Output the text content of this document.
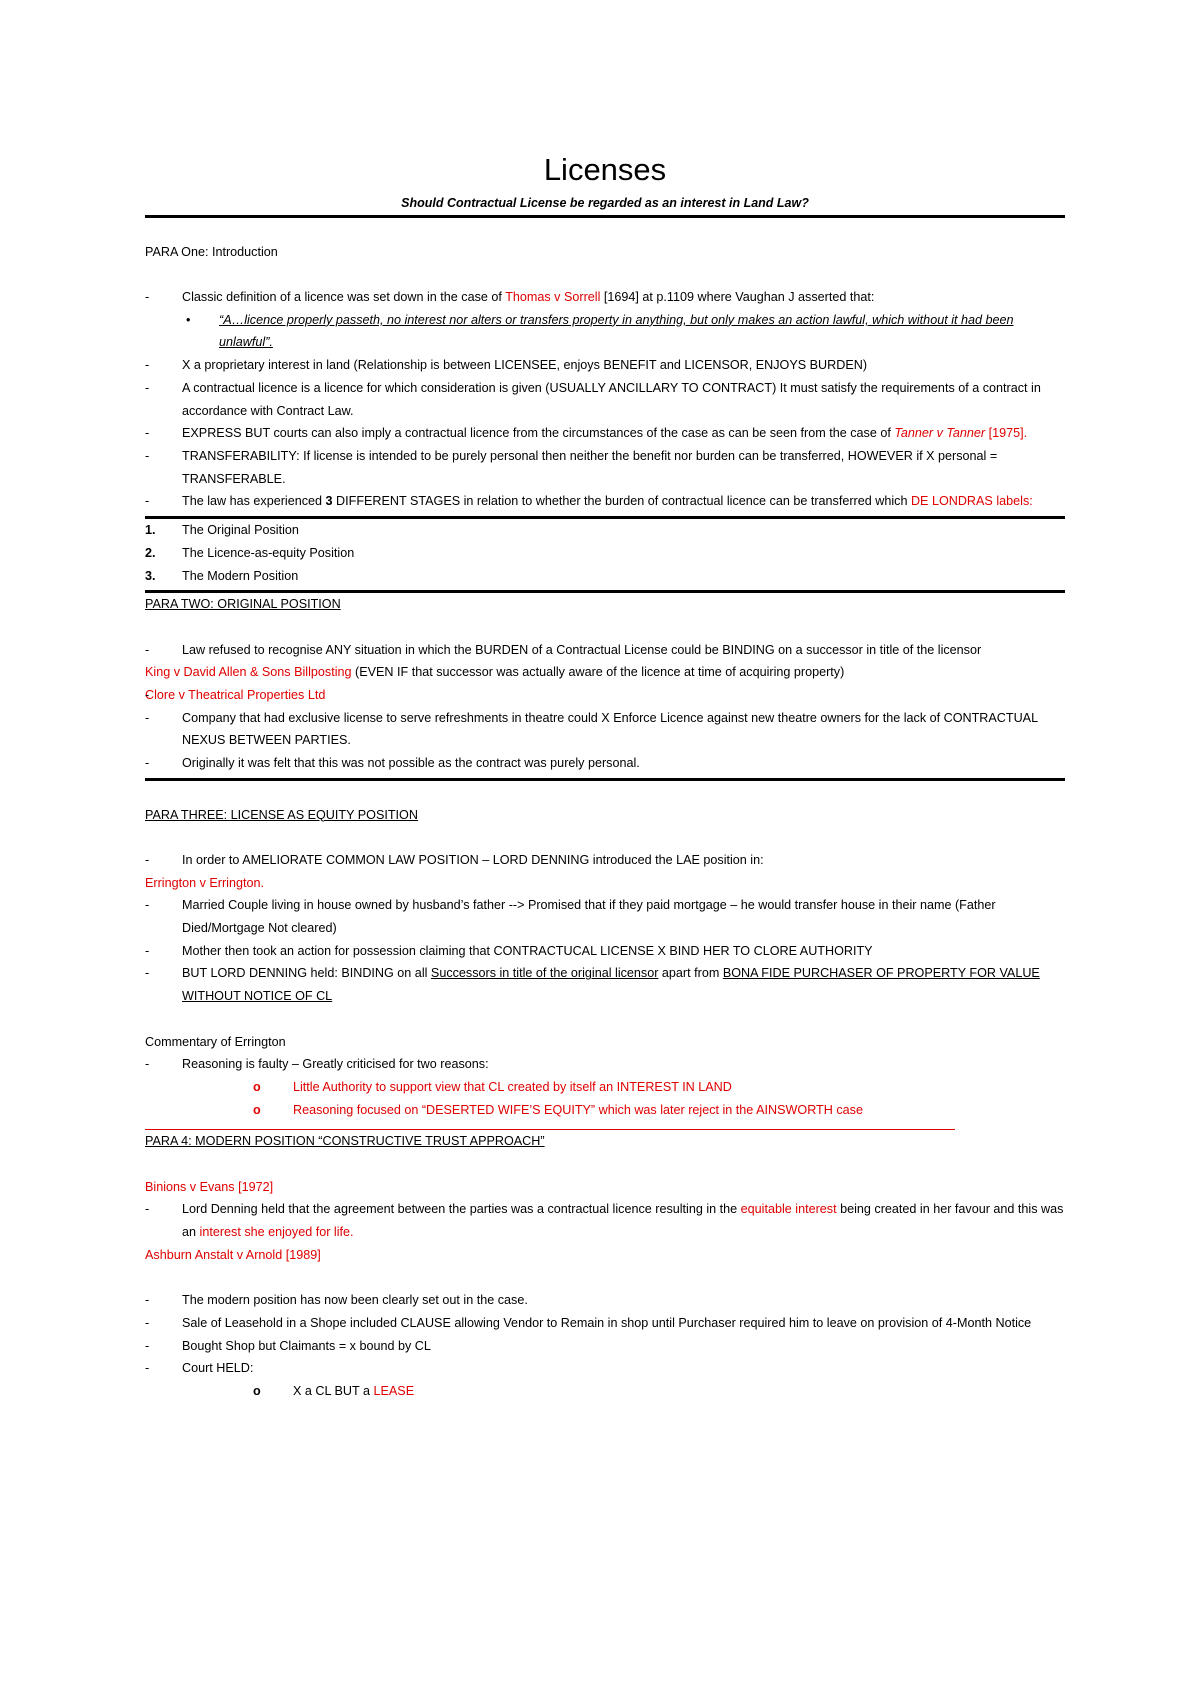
Licenses
Should Contractual License be regarded as an interest in Land Law?
PARA One: Introduction
- Classic definition of a licence was set down in the case of Thomas v Sorrell [1694] at p.1109 where Vaughan J asserted that:
• “A…licence properly passeth, no interest nor alters or transfers property in anything, but only makes an action lawful, which without it had been unlawful”.
- X a proprietary interest in land (Relationship is between LICENSEE, enjoys BENEFIT and LICENSOR, ENJOYS BURDEN)
- A contractual licence is a licence for which consideration is given (USUALLY ANCILLARY TO CONTRACT) It must satisfy the requirements of a contract in accordance with Contract Law.
- EXPRESS BUT courts can also imply a contractual licence from the circumstances of the case as can be seen from the case of Tanner v Tanner [1975].
- TRANSFERABILITY: If license is intended to be purely personal then neither the benefit nor burden can be transferred, HOWEVER if X personal = TRANSFERABLE.
- The law has experienced 3 DIFFERENT STAGES in relation to whether the burden of contractual licence can be transferred which DE LONDRAS labels:
1. The Original Position
2. The Licence-as-equity Position
3. The Modern Position
PARA TWO: ORIGINAL POSITION
- Law refused to recognise ANY situation in which the BURDEN of a Contractual License could be BINDING on a successor in title of the licensor
King v David Allen & Sons Billposting (EVEN IF that successor was actually aware of the licence at time of acquiring property)
Clore v Theatrical Properties Ltd
- Company that had exclusive license to serve refreshments in theatre could X Enforce Licence against new theatre owners for the lack of CONTRACTUAL NEXUS BETWEEN PARTIES.
- Originally it was felt that this was not possible as the contract was purely personal.
PARA THREE: LICENSE AS EQUITY POSITION
- In order to AMELIORATE COMMON LAW POSITION – LORD DENNING introduced the LAE position in:
Errington v Errington.
- Married Couple living in house owned by husband’s father --> Promised that if they paid mortgage – he would transfer house in their name (Father Died/Mortgage Not cleared)
- Mother then took an action for possession claiming that CONTRACTUCAL LICENSE X BIND HER TO CLORE AUTHORITY
- BUT LORD DENNING held: BINDING on all Successors in title of the original licensor apart from BONA FIDE PURCHASER OF PROPERTY FOR VALUE WITHOUT NOTICE OF CL
Commentary of Errington
- Reasoning is faulty – Greatly criticised for two reasons:
o Little Authority to support view that CL created by itself an INTEREST IN LAND
o Reasoning focused on “DESERTED WIFE’S EQUITY” which was later reject in the AINSWORTH case
PARA 4: MODERN POSITION “CONSTRUCTIVE TRUST APPROACH”
Binions v Evans [1972]
- Lord Denning held that the agreement between the parties was a contractual licence resulting in the equitable interest being created in her favour and this was an interest she enjoyed for life.
Ashburn Anstalt v Arnold [1989]
- The modern position has now been clearly set out in the case.
- Sale of Leasehold in a Shope included CLAUSE allowing Vendor to Remain in shop until Purchaser required him to leave on provision of 4-Month Notice
- Bought Shop but Claimants = x bound by CL
- Court HELD:
o X a CL BUT a LEASE
